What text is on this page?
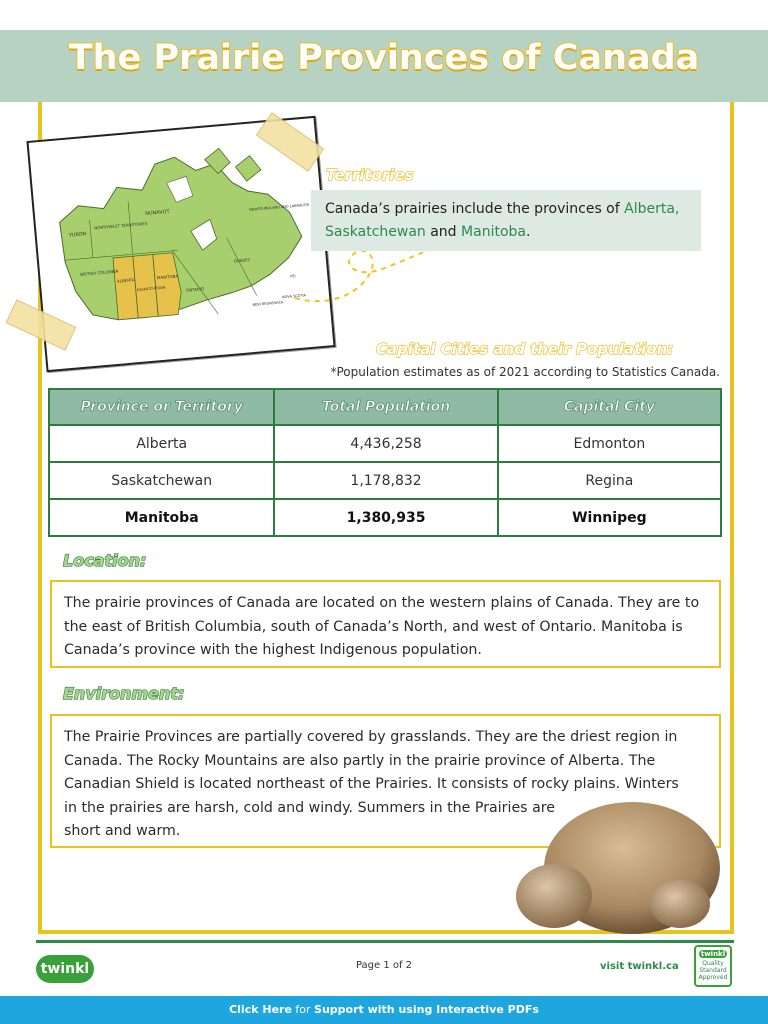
The Prairie Provinces of Canada
YUKON
NORTHWEST TERRITORIES
NUNAVUT
BRITISH COLUMBIA
ALBERTA
SASKATCHEWAN
MANITOBA
ONTARIO
QUEBEC
NEWFOUNDLAND AND LABRADOR
NEW BRUNSWICK
NOVA SCOTIA
PEI
Territories
Canada’s prairies include the provinces of Alberta,
Saskatchewan and Manitoba.
Capital Cities and their Population:
*Population estimates as of 2021 according to Statistics Canada.
Province or Territory	Total Population	Capital City
Alberta	4,436,258	Edmonton
Saskatchewan	1,178,832	Regina
Manitoba	1,380,935	Winnipeg
Location:

The prairie provinces of Canada are located on the western plains of Canada. They are to the east of British Columbia, south of Canada’s North, and west of Ontario. Manitoba is Canada’s province with the highest Indigenous population.

Environment:
The Prairie Provinces are partially covered by grasslands. They are the driest region in
Canada. The Rocky Mountains are also partly in the prairie province of Alberta. The
Canadian Shield is located northeast of the Prairies. It consists of rocky plains. Winters
in the prairies are harsh, cold and windy. Summers in the Prairies are
short and warm.
twinkl	Page 1 of 2	visit twinkl.ca
twinkl
Quality Standard Approved
Click Here for Support with using Interactive PDFs
